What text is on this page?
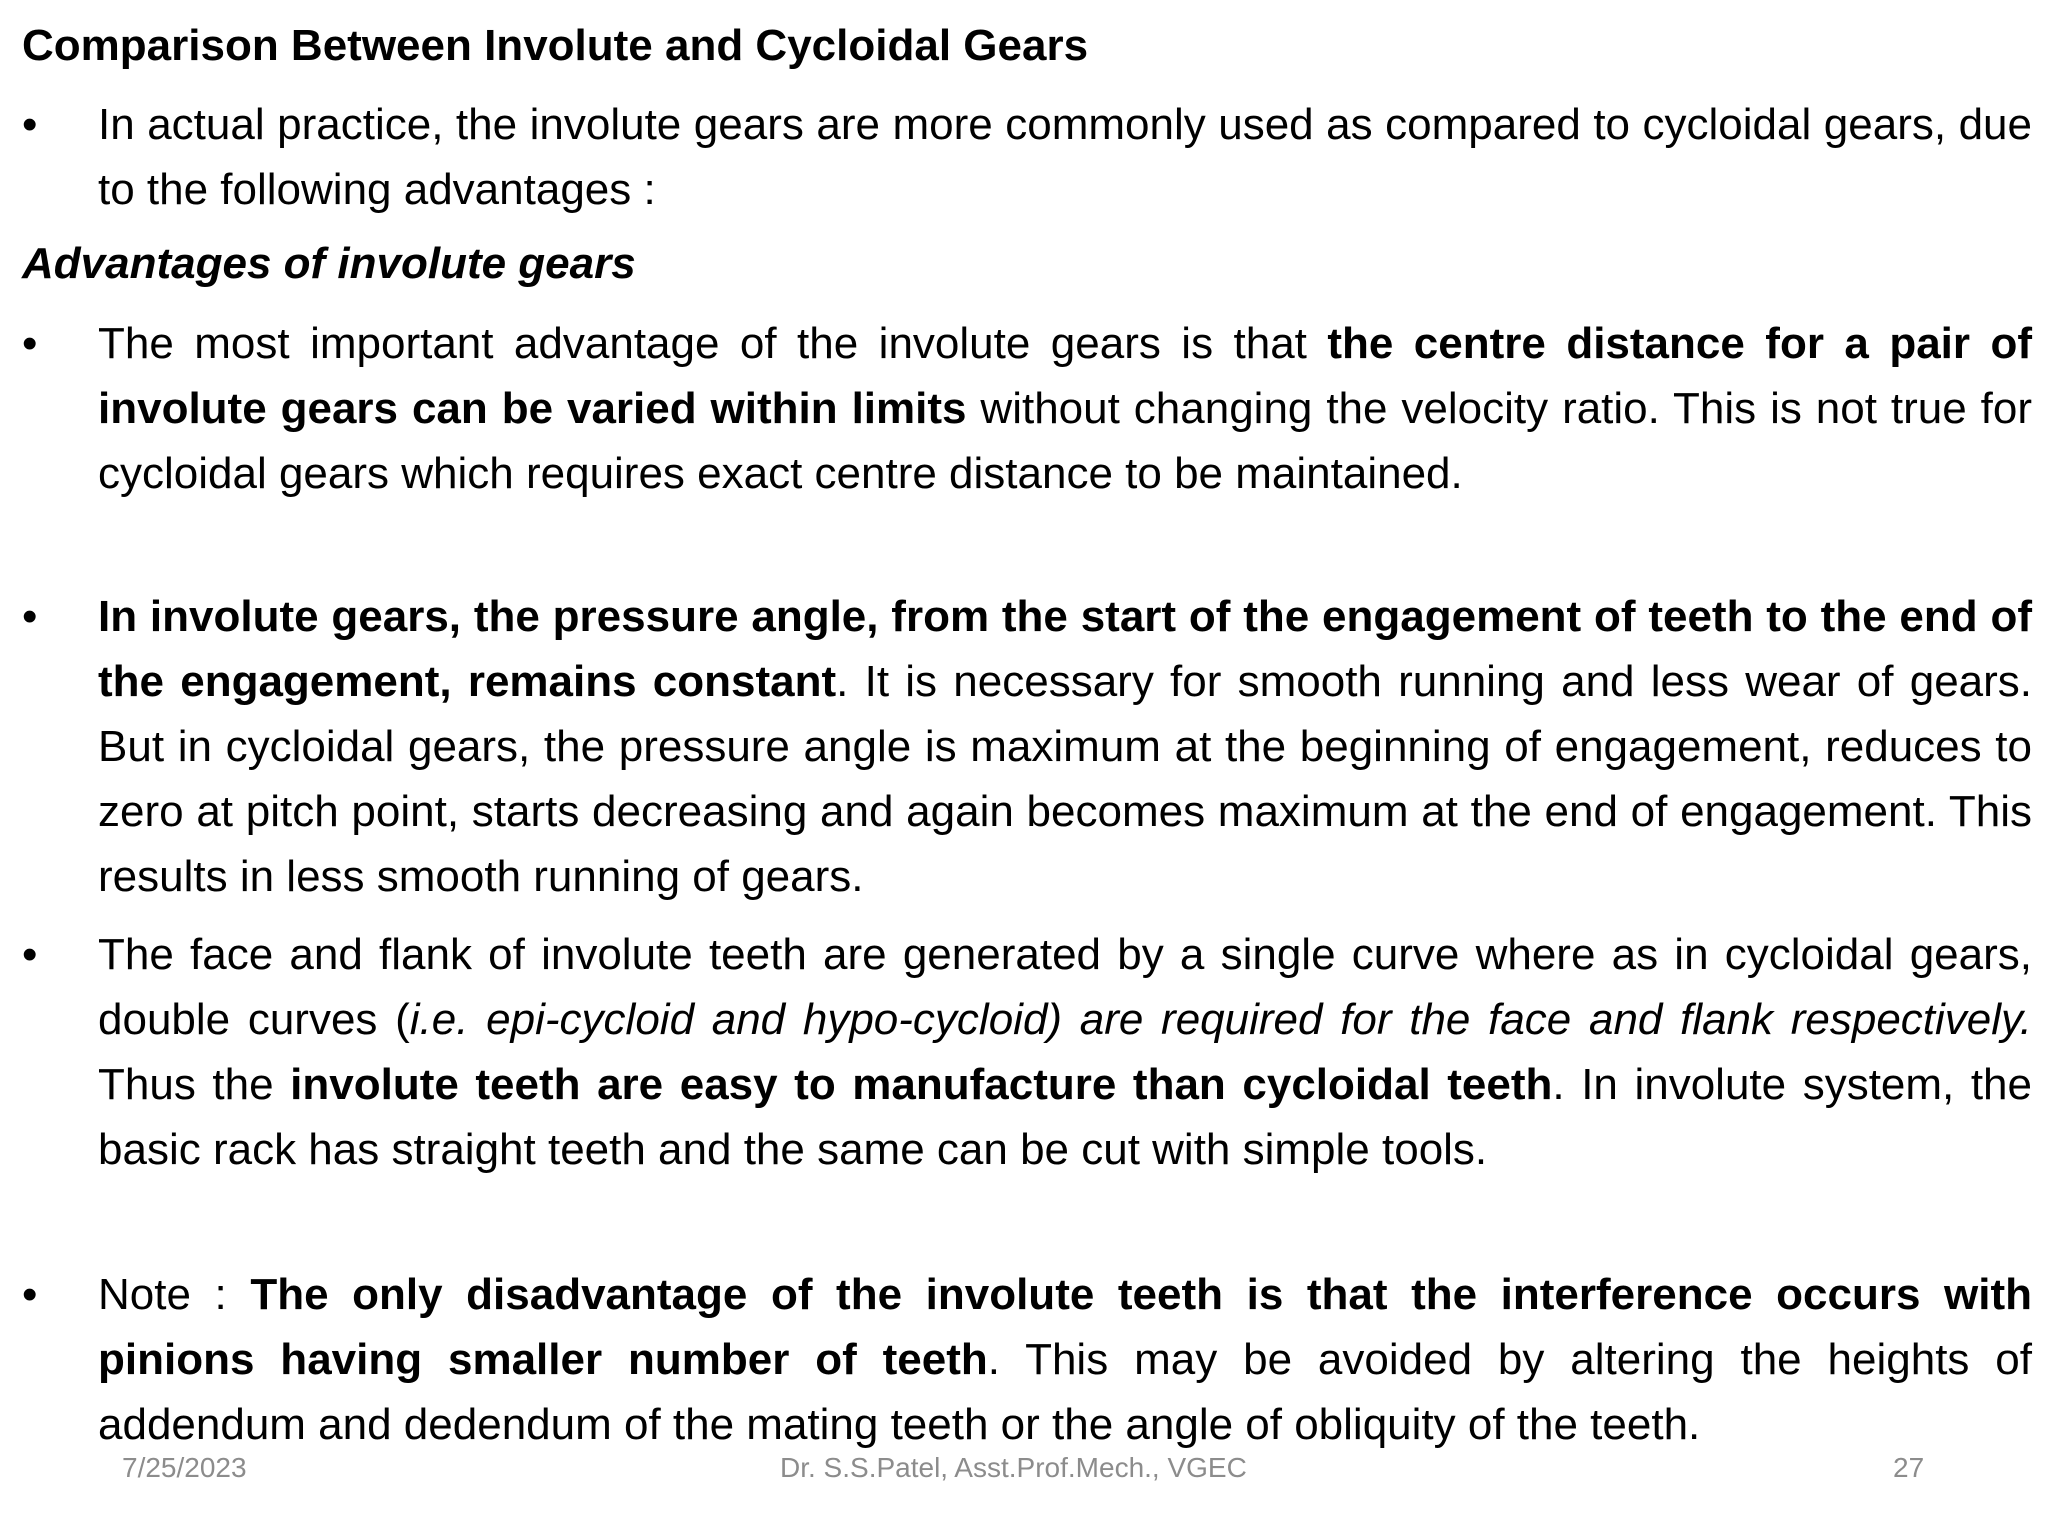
Comparison Between Involute and Cycloidal Gears
•	In actual practice, the involute gears are more commonly used as compared to cycloidal gears, due to the following advantages :
Advantages of involute gears
•	The most important advantage of the involute gears is that the centre distance for a pair of involute gears can be varied within limits without changing the velocity ratio. This is not true for cycloidal gears which requires exact centre distance to be maintained.
•	In involute gears, the pressure angle, from the start of the engagement of teeth to the end of the engagement, remains constant. It is necessary for smooth running and less wear of gears. But in cycloidal gears, the pressure angle is maximum at the beginning of engagement, reduces to zero at pitch point, starts decreasing and again becomes maximum at the end of engagement. This results in less smooth running of gears.
•	The face and flank of involute teeth are generated by a single curve where as in cycloidal gears, double curves (i.e. epi-cycloid and hypo-cycloid) are required for the face and flank respectively. Thus the involute teeth are easy to manufacture than cycloidal teeth. In involute system, the basic rack has straight teeth and the same can be cut with simple tools.
•	Note : The only disadvantage of the involute teeth is that the interference occurs with pinions having smaller number of teeth. This may be avoided by altering the heights of addendum and dedendum of the mating teeth or the angle of obliquity of the teeth.
7/25/2023	Dr. S.S.Patel, Asst.Prof.Mech., VGEC	27
